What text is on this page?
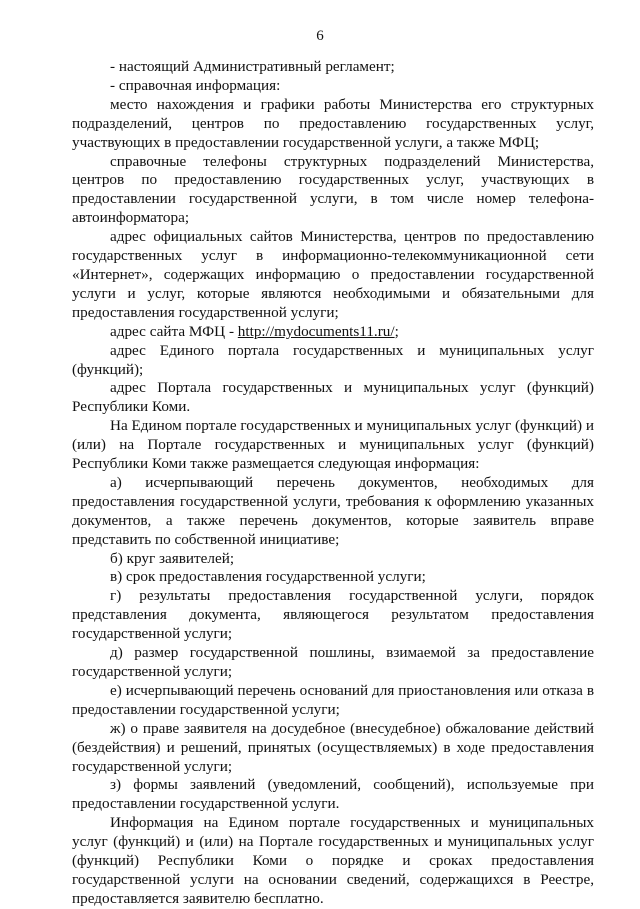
6

- настоящий Административный регламент;

- справочная информация:

место нахождения и графики работы Министерства его структурных подразделений, центров по предоставлению государственных услуг, участвующих в предоставлении государственной услуги, а также МФЦ;

справочные телефоны структурных подразделений Министерства, центров по предоставлению государственных услуг, участвующих в предоставлении государственной услуги, в том числе номер телефона-автоинформатора;

адрес официальных сайтов Министерства, центров по предоставлению государственных услуг в информационно-телекоммуникационной сети «Интернет», содержащих информацию о предоставлении государственной услуги и услуг, которые являются необходимыми и обязательными для предоставления государственной услуги;

адрес сайта МФЦ - http://mydocuments11.ru/;

адрес Единого портала государственных и муниципальных услуг (функций);

адрес Портала государственных и муниципальных услуг (функций) Республики Коми.

На Едином портале государственных и муниципальных услуг (функций) и (или) на Портале государственных и муниципальных услуг (функций) Республики Коми также размещается следующая информация:

а) исчерпывающий перечень документов, необходимых для предоставления государственной услуги, требования к оформлению указанных документов, а также перечень документов, которые заявитель вправе представить по собственной инициативе;

б) круг заявителей;

в) срок предоставления государственной услуги;

г) результаты предоставления государственной услуги, порядок представления документа, являющегося результатом предоставления государственной услуги;

д) размер государственной пошлины, взимаемой за предоставление государственной услуги;

е) исчерпывающий перечень оснований для приостановления или отказа в предоставлении государственной услуги;

ж) о праве заявителя на досудебное (внесудебное) обжалование действий (бездействия) и решений, принятых (осуществляемых) в ходе предоставления государственной услуги;

з) формы заявлений (уведомлений, сообщений), используемые при предоставлении государственной услуги.

Информация на Едином портале государственных и муниципальных услуг (функций) и (или) на Портале государственных и муниципальных услуг (функций) Республики Коми о порядке и сроках предоставления государственной услуги на основании сведений, содержащихся в Реестре, предоставляется заявителю бесплатно.
